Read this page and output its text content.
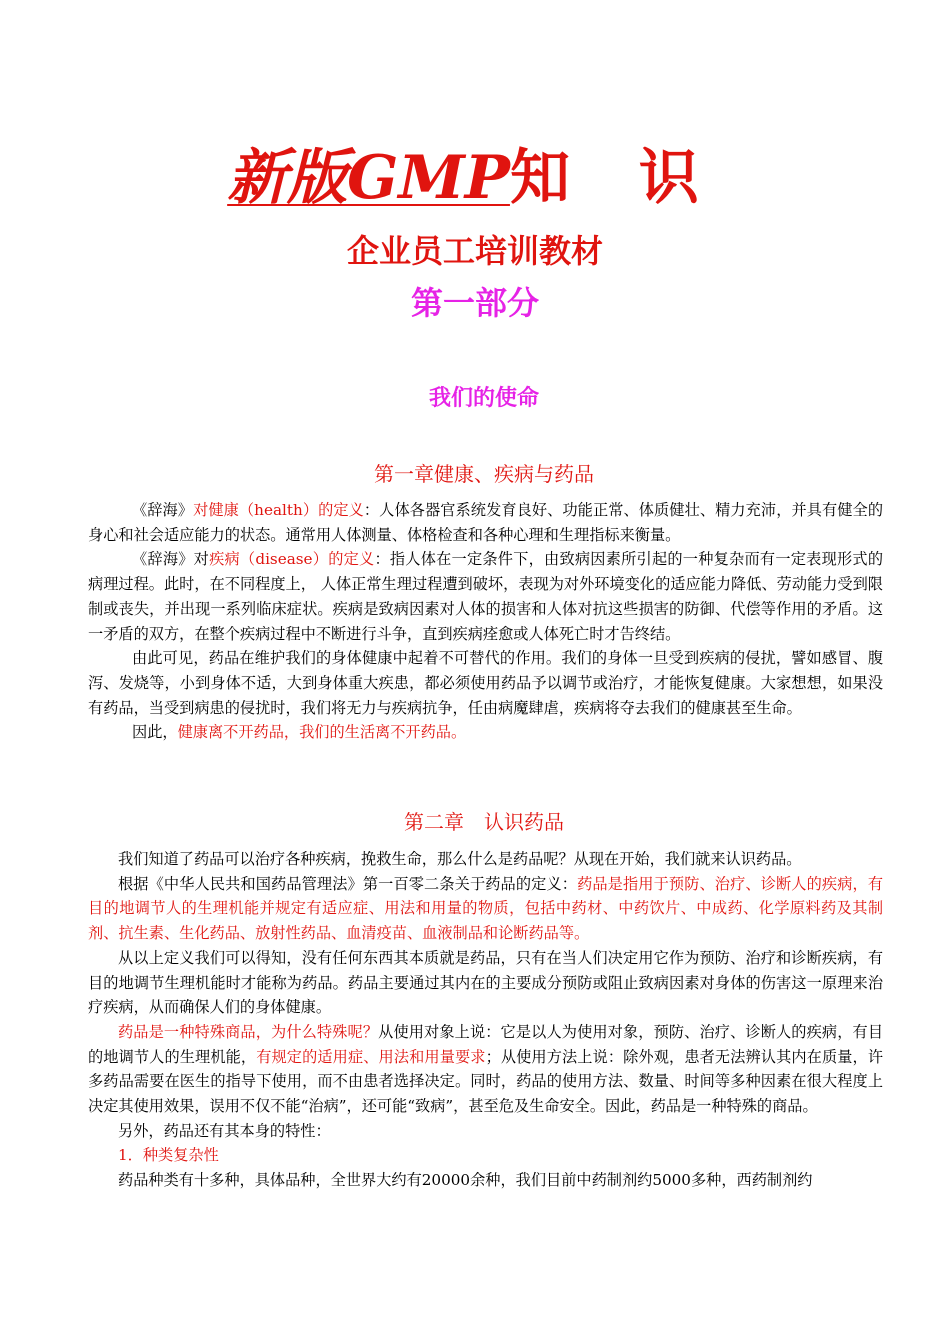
新版GMP知 识
企业员工培训教材
第一部分
我们的使命
第一章健康、疾病与药品

《辞海》对健康（health）的定义：人体各器官系统发育良好、功能正常、体质健壮、精力充沛，并具有健全的身心和社会适应能力的状态。通常用人体测量、体格检查和各种心理和生理指标来衡量。

《辞海》对疾病（disease）的定义：指人体在一定条件下，由致病因素所引起的一种复杂而有一定表现形式的病理过程。此时，在不同程度上， 人体正常生理过程遭到破坏，表现为对外环境变化的适应能力降低、劳动能力受到限制或丧失，并出现一系列临床症状。疾病是致病因素对人体的损害和人体对抗这些损害的防御、代偿等作用的矛盾。这一矛盾的双方，在整个疾病过程中不断进行斗争，直到疾病痊愈或人体死亡时才告终结。

由此可见，药品在维护我们的身体健康中起着不可替代的作用。我们的身体一旦受到疾病的侵扰，譬如感冒、腹泻、发烧等，小到身体不适，大到身体重大疾患，都必须使用药品予以调节或治疗，才能恢复健康。大家想想，如果没有药品，当受到病患的侵扰时，我们将无力与疾病抗争，任由病魔肆虐，疾病将夺去我们的健康甚至生命。

因此，健康离不开药品，我们的生活离不开药品。

第二章　认识药品

我们知道了药品可以治疗各种疾病，挽救生命，那么什么是药品呢？从现在开始，我们就来认识药品。

根据《中华人民共和国药品管理法》第一百零二条关于药品的定义：药品是指用于预防、治疗、诊断人的疾病，有目的地调节人的生理机能并规定有适应症、用法和用量的物质，包括中药材、中药饮片、中成药、化学原料药及其制剂、抗生素、生化药品、放射性药品、血清疫苗、血液制品和论断药品等。

从以上定义我们可以得知，没有任何东西其本质就是药品，只有在当人们决定用它作为预防、治疗和诊断疾病，有目的地调节生理机能时才能称为药品。药品主要通过其内在的主要成分预防或阻止致病因素对身体的伤害这一原理来治疗疾病，从而确保人们的身体健康。

药品是一种特殊商品，为什么特殊呢？从使用对象上说：它是以人为使用对象，预防、治疗、诊断人的疾病，有目的地调节人的生理机能，有规定的适用症、用法和用量要求；从使用方法上说：除外观，患者无法辨认其内在质量，许多药品需要在医生的指导下使用，而不由患者选择决定。同时，药品的使用方法、数量、时间等多种因素在很大程度上决定其使用效果，误用不仅不能“治病”，还可能“致病”，甚至危及生命安全。因此，药品是一种特殊的商品。

另外，药品还有其本身的特性：

1．种类复杂性

药品种类有十多种，具体品种，全世界大约有20000余种，我们目前中药制剂约5000多种，西药制剂约
